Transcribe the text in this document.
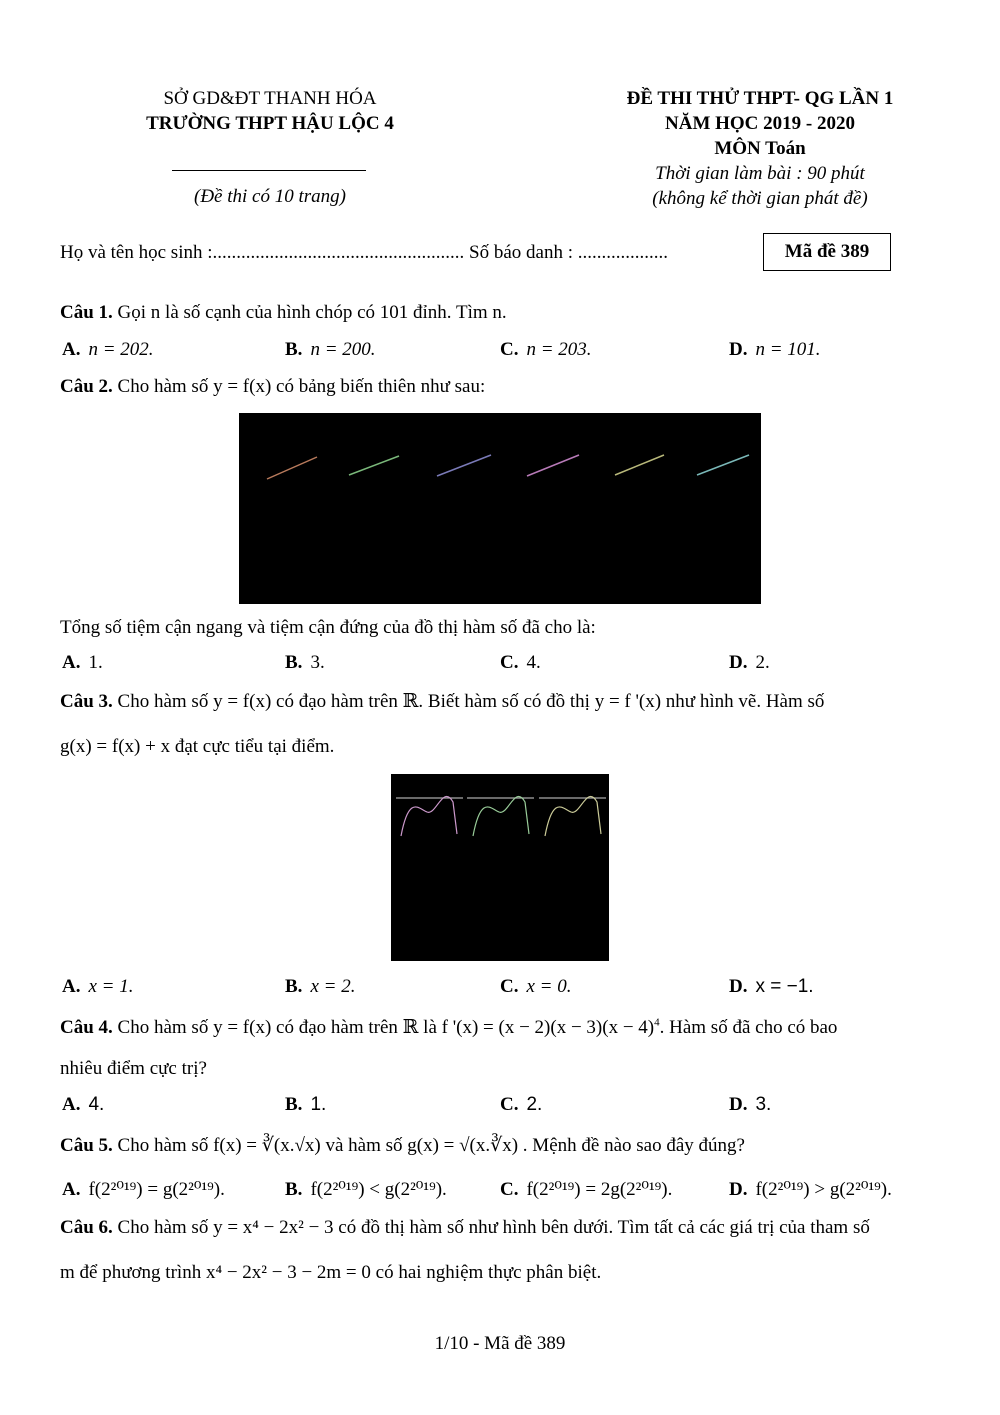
SỞ GD&ĐT THANH HÓA
TRƯỜNG THPT HẬU LỘC 4
(Đề thi có 10 trang)
ĐỀ THI THỬ THPT- QG LẦN 1
NĂM HỌC 2019 - 2020
MÔN Toán
Thời gian làm bài : 90 phút
(không kể thời gian phát đề)
Họ và tên học sinh :..................................................... Số báo danh : ...................	Mã đề 389
Câu 1. Gọi n là số cạnh của hình chóp có 101 đỉnh. Tìm n.
A. n = 202.	B. n = 200.	C. n = 203.	D. n = 101.
Câu 2. Cho hàm số y = f(x) có bảng biến thiên như sau:
Tổng số tiệm cận ngang và tiệm cận đứng của đồ thị hàm số đã cho là:
A. 1.	B. 3.	C. 4.	D. 2.
Câu 3. Cho hàm số y = f(x) có đạo hàm trên ℝ. Biết hàm số có đồ thị y = f '(x) như hình vẽ. Hàm số
g(x) = f(x) + x đạt cực tiểu tại điểm.
A. x = 1.	B. x = 2.	C. x = 0.	D. x = −1.
Câu 4. Cho hàm số y = f(x) có đạo hàm trên ℝ là f '$(x) = (x - 2)(x - 3)(x - 4)^4$. Hàm số đã cho có bao
nhiêu điểm cực trị?
A. 4.	B. 1.	C. 2.	D. 3.
Câu 5. Cho hàm số f(x) = ∛(x.√x) và hàm số g(x) = √(x.∛x) . Mệnh đề nào sao đây đúng?
A. f(2²⁰¹⁹) = g(2²⁰¹⁹).	B. f(2²⁰¹⁹) < g(2²⁰¹⁹).	C. f(2²⁰¹⁹) = 2g(2²⁰¹⁹).	D. f(2²⁰¹⁹) > g(2²⁰¹⁹).
Câu 6. Cho hàm số y = x⁴ − 2x² − 3 có đồ thị hàm số như hình bên dưới. Tìm tất cả các giá trị của tham số
m để phương trình x⁴ − 2x² − 3 − 2m = 0 có hai nghiệm thực phân biệt.
1/10 - Mã đề 389
